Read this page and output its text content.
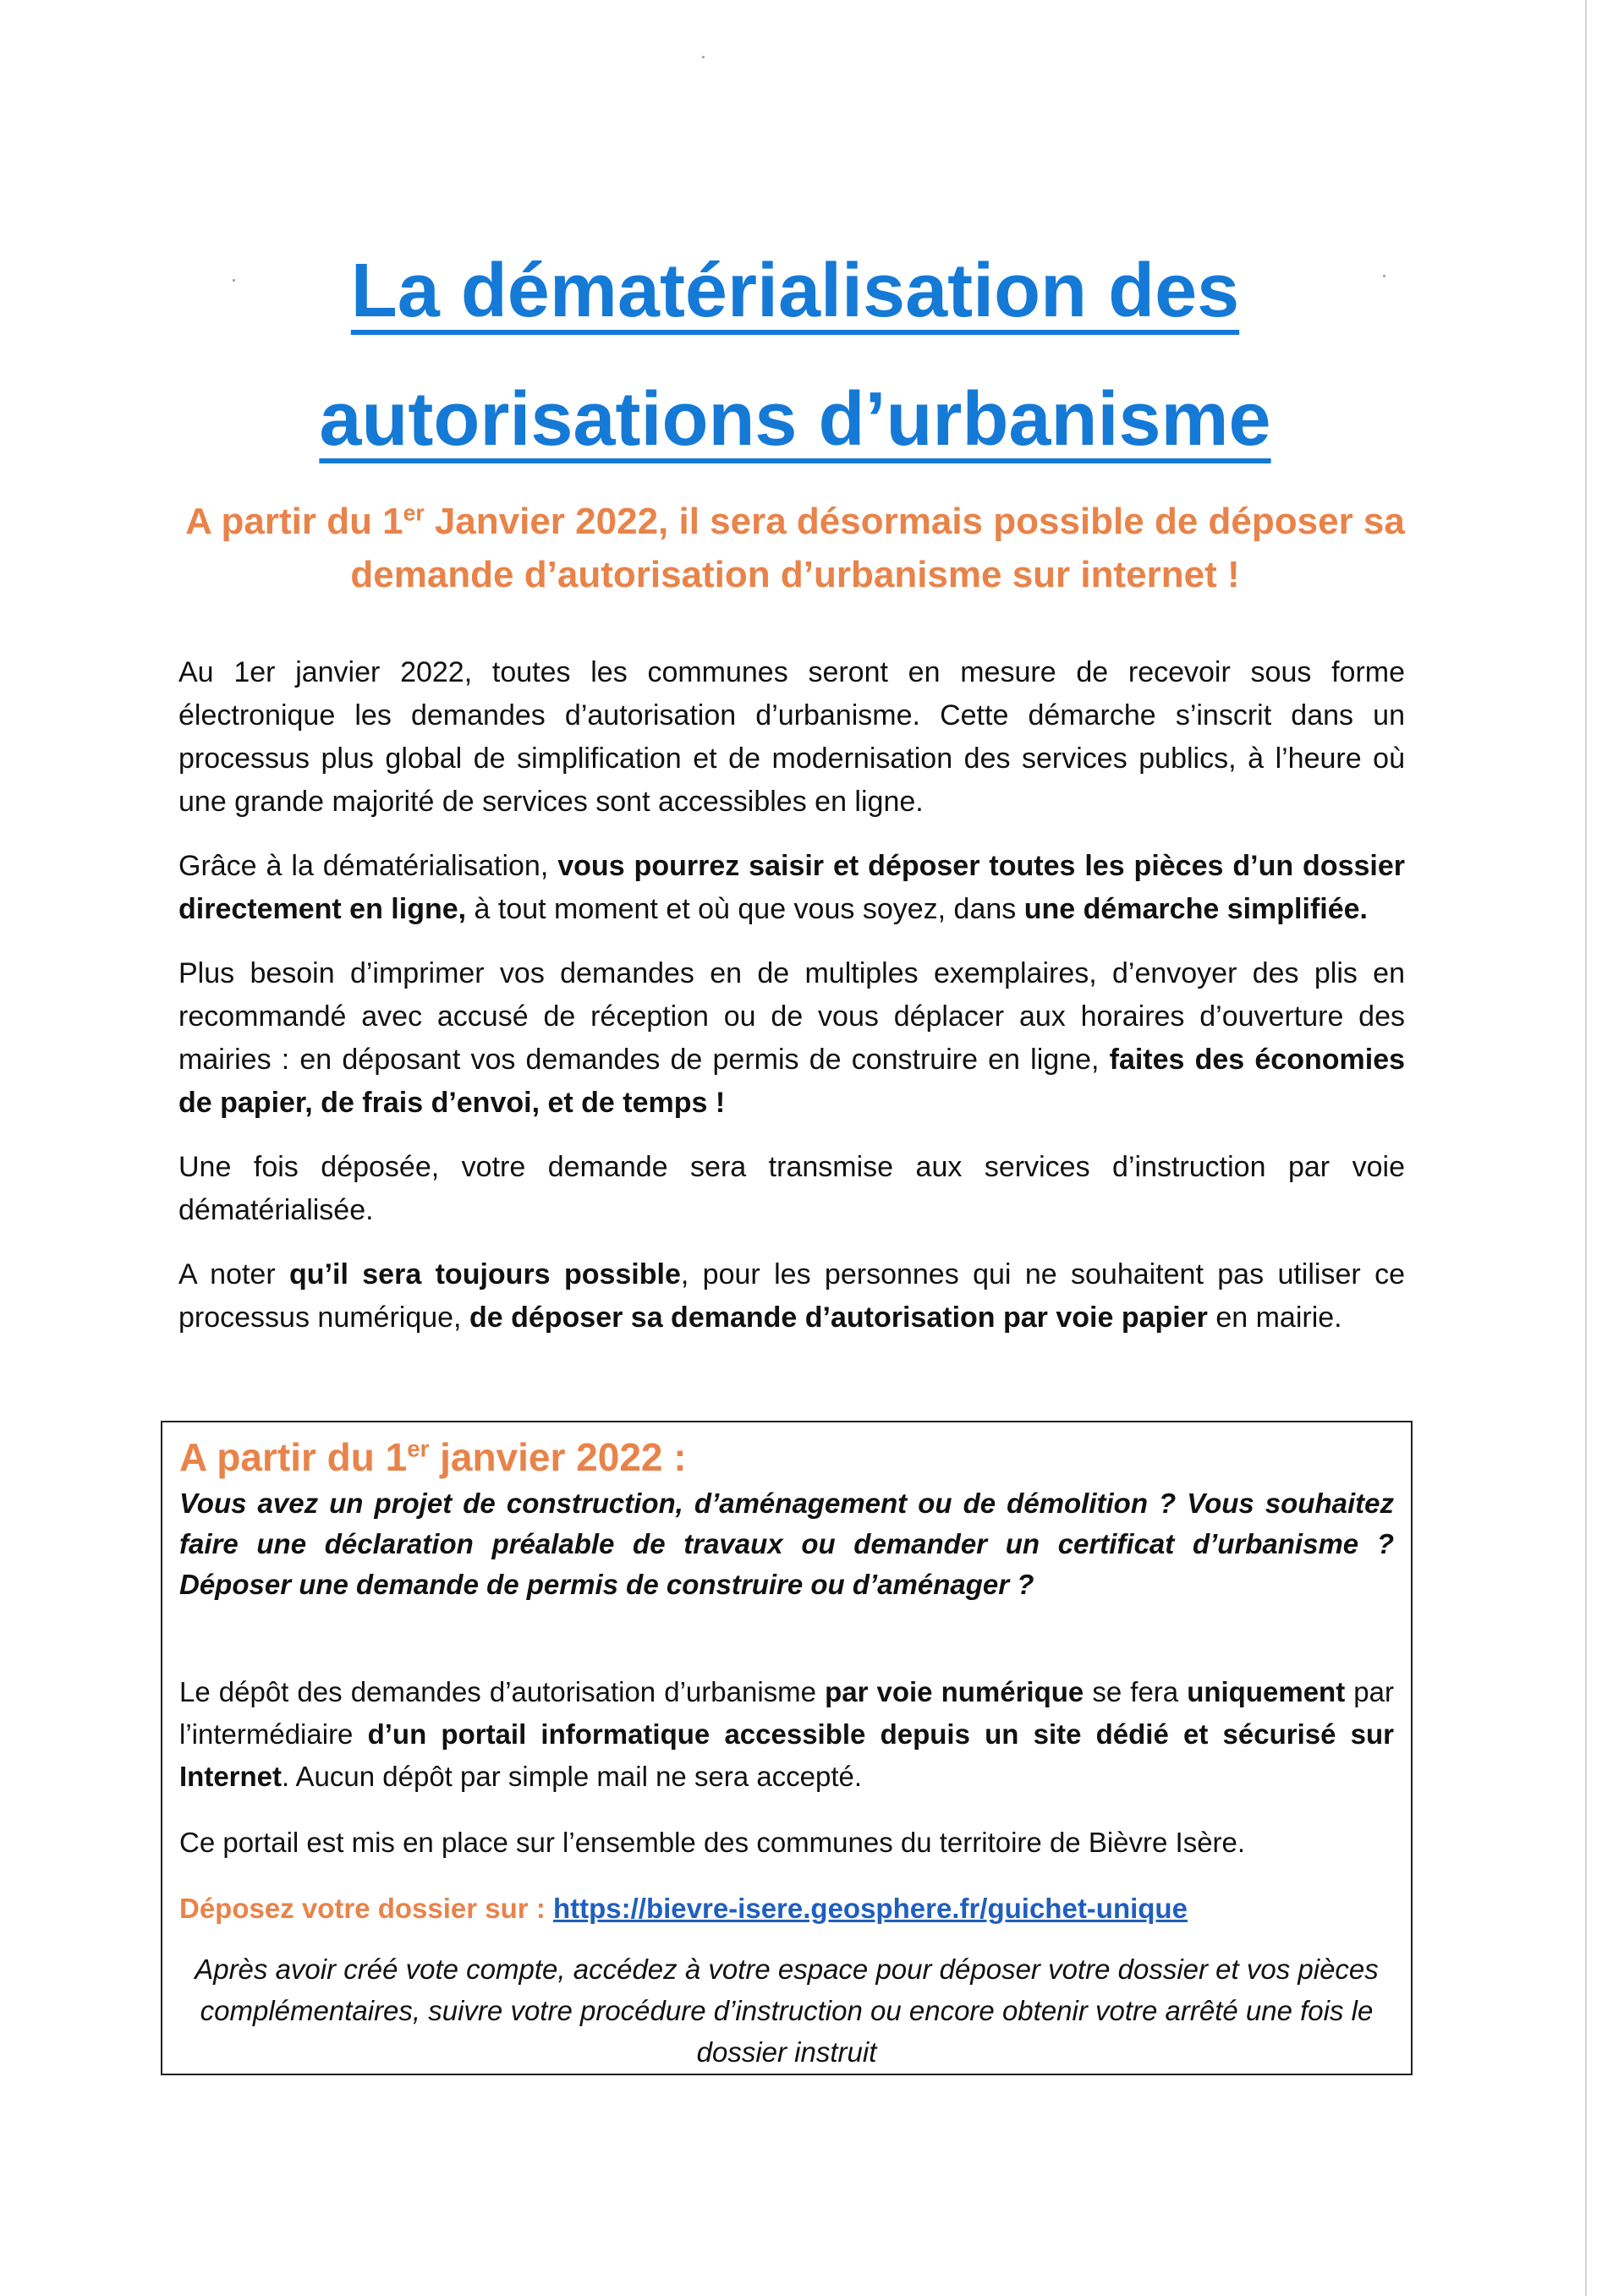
La dématérialisation des
autorisations d’urbanisme

A partir du 1er Janvier 2022, il sera désormais possible de déposer sa demande d’autorisation d’urbanisme sur internet !

Au 1er janvier 2022, toutes les communes seront en mesure de recevoir sous forme électronique les demandes d’autorisation d’urbanisme. Cette démarche s’inscrit dans un processus plus global de simplification et de modernisation des services publics, à l’heure où une grande majorité de services sont accessibles en ligne.

Grâce à la dématérialisation, vous pourrez saisir et déposer toutes les pièces d’un dossier directement en ligne, à tout moment et où que vous soyez, dans une démarche simplifiée.

Plus besoin d’imprimer vos demandes en de multiples exemplaires, d’envoyer des plis en recommandé avec accusé de réception ou de vous déplacer aux horaires d’ouverture des mairies : en déposant vos demandes de permis de construire en ligne, faites des économies de papier, de frais d’envoi, et de temps !

Une fois déposée, votre demande sera transmise aux services d’instruction par voie dématérialisée.

A noter qu’il sera toujours possible, pour les personnes qui ne souhaitent pas utiliser ce processus numérique, de déposer sa demande d’autorisation par voie papier en mairie.

A partir du 1er janvier 2022 :

Vous avez un projet de construction, d’aménagement ou de démolition ? Vous souhaitez faire une déclaration préalable de travaux ou demander un certificat d’urbanisme ? Déposer une demande de permis de construire ou d’aménager ?

Le dépôt des demandes d’autorisation d’urbanisme par voie numérique se fera uniquement par l’intermédiaire d’un portail informatique accessible depuis un site dédié et sécurisé sur Internet. Aucun dépôt par simple mail ne sera accepté.

Ce portail est mis en place sur l’ensemble des communes du territoire de Bièvre Isère.

Déposez votre dossier sur : https://bievre-isere.geosphere.fr/guichet-unique

Après avoir créé vote compte, accédez à votre espace pour déposer votre dossier et vos pièces complémentaires, suivre votre procédure d’instruction ou encore obtenir votre arrêté une fois le dossier instruit
